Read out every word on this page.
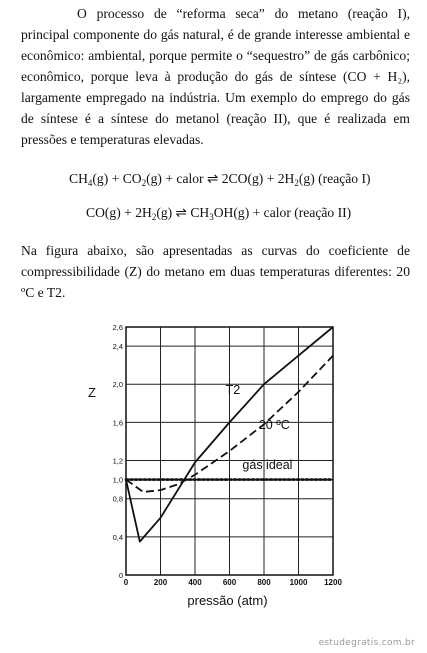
O processo de “reforma seca” do metano (reação I), principal componente do gás natural, é de grande interesse ambiental e econômico: ambiental, porque permite o “sequestro” de gás carbônico; econômico, porque leva à produção do gás de síntese (CO + H₂), largamente empregado na indústria. Um exemplo do emprego do gás de síntese é a síntese do metanol (reação II), que é realizada em pressões e temperaturas elevadas.
$CH_4(g) + CO_2(g)$ + calor ⇌ $2CO(g) + 2H_2(g)$ (reação I)
$CO(g) + 2H_2(g)$ ⇌ $CH_3OH(g)$ + calor (reação II)
Na figura abaixo, são apresentadas as curvas do coeficiente de compressibilidade (Z) do metano em duas temperaturas diferentes: 20 ºC e T2.
0	200	400	600	800 1000 1200
0
0,4
0,8
1,0
1,2
1,6
2,0
2,4
2,6
Z
pressão (atm)
T2
20 ºC
gás ideal
estudegratis.com.br
